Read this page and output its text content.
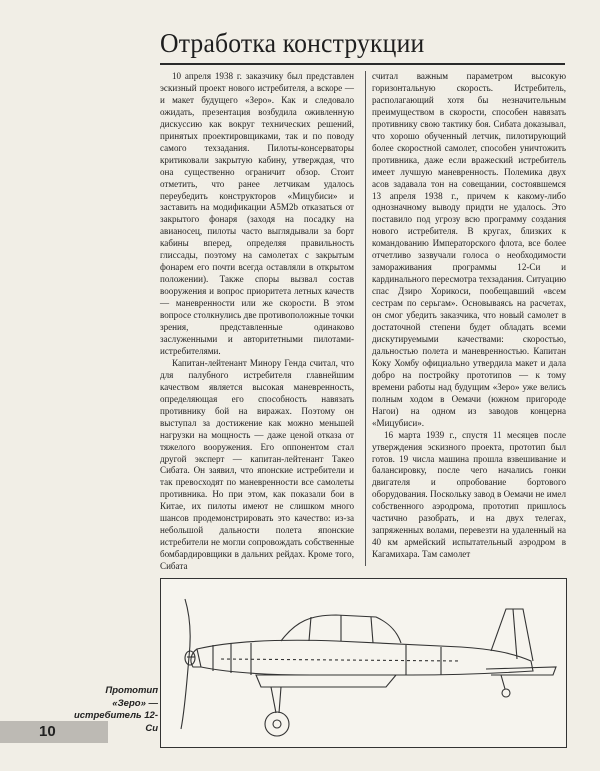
Отработка конструкции

10 апреля 1938 г. заказчику был представлен эскизный проект нового истребителя, а вскоре — и макет будущего «Зеро». Как и следовало ожидать, презентация возбудила оживленную дискуссию как вокруг технических решений, принятых проектировщиками, так и по поводу самого техзадания. Пилоты-консерваторы критиковали закрытую кабину, утверждая, что она существенно ограничит обзор. Стоит отметить, что ранее летчикам удалось переубедить конструкторов «Мицубиси» и заставить на модификации A5M2b отказаться от закрытого фонаря (заходя на посадку на авианосец, пилоты часто выглядывали за борт кабины вперед, определяя правильность глиссады, поэтому на самолетах с закрытым фонарем его почти всегда оставляли в открытом положении). Также споры вызвал состав вооружения и вопрос приоритета летных качеств — маневренности или же скорости. В этом вопросе столкнулись две противоположные точки зрения, представленные одинаково заслуженными и авторитетными пилотами-истребителями.

Капитан-лейтенант Минору Генда считал, что для палубного истребителя главнейшим качеством является высокая маневренность, определяющая его способность навязать противнику бой на виражах. Поэтому он выступал за достижение как можно меньшей нагрузки на мощность — даже ценой отказа от тяжелого вооружения. Его оппонентом стал другой эксперт — капитан-лейтенант Такео Сибата. Он заявил, что японские истребители и так превосходят по маневренности все самолеты противника. Но при этом, как показали бои в Китае, их пилоты имеют не слишком много шансов продемонстрировать это качество: из-за небольшой дальности полета японские истребители не могли сопровождать собственные бомбардировщики в дальних рейдах. Кроме того, Сибата

считал важным параметром высокую горизонтальную скорость. Истребитель, располагающий хотя бы незначительным преимуществом в скорости, способен навязать противнику свою тактику боя. Сибата доказывал, что хорошо обученный летчик, пилотирующий более скоростной самолет, способен уничтожить противника, даже если вражеский истребитель имеет лучшую маневренность. Полемика двух асов задавала тон на совещании, состоявшемся 13 апреля 1938 г., причем к какому-либо однозначному выводу придти не удалось. Это поставило под угрозу всю программу создания нового истребителя. В кругах, близких к командованию Императорского флота, все более отчетливо зазвучали голоса о необходимости замораживания программы 12-Си и кардинального пересмотра техзадания. Ситуацию спас Дзиро Хорикоси, пообещавший «всем сестрам по серьгам». Основываясь на расчетах, он смог убедить заказчика, что новый самолет в достаточной степени будет обладать всеми дискутируемыми качествами: скоростью, дальностью полета и маневренностью. Капитан Коку Хомбу официально утвердила макет и дала добро на постройку прототипов — к тому времени работы над будущим «Зеро» уже велись полным ходом в Оемачи (южном пригороде Нагои) на одном из заводов концерна «Мицубиси».

16 марта 1939 г., спустя 11 месяцев после утверждения эскизного проекта, прототип был готов. 19 числа машина прошла взвешивание и балансировку, после чего начались гонки двигателя и опробование бортового оборудования. Поскольку завод в Оемачи не имел собственного аэродрома, прототип пришлось частично разобрать, и на двух телегах, запряженных волами, перевезти на удаленный на 40 км армейский испытательный аэродром в Кагамихара. Там самолет

Прототип «Зеро» — истребитель 12-Си
10
